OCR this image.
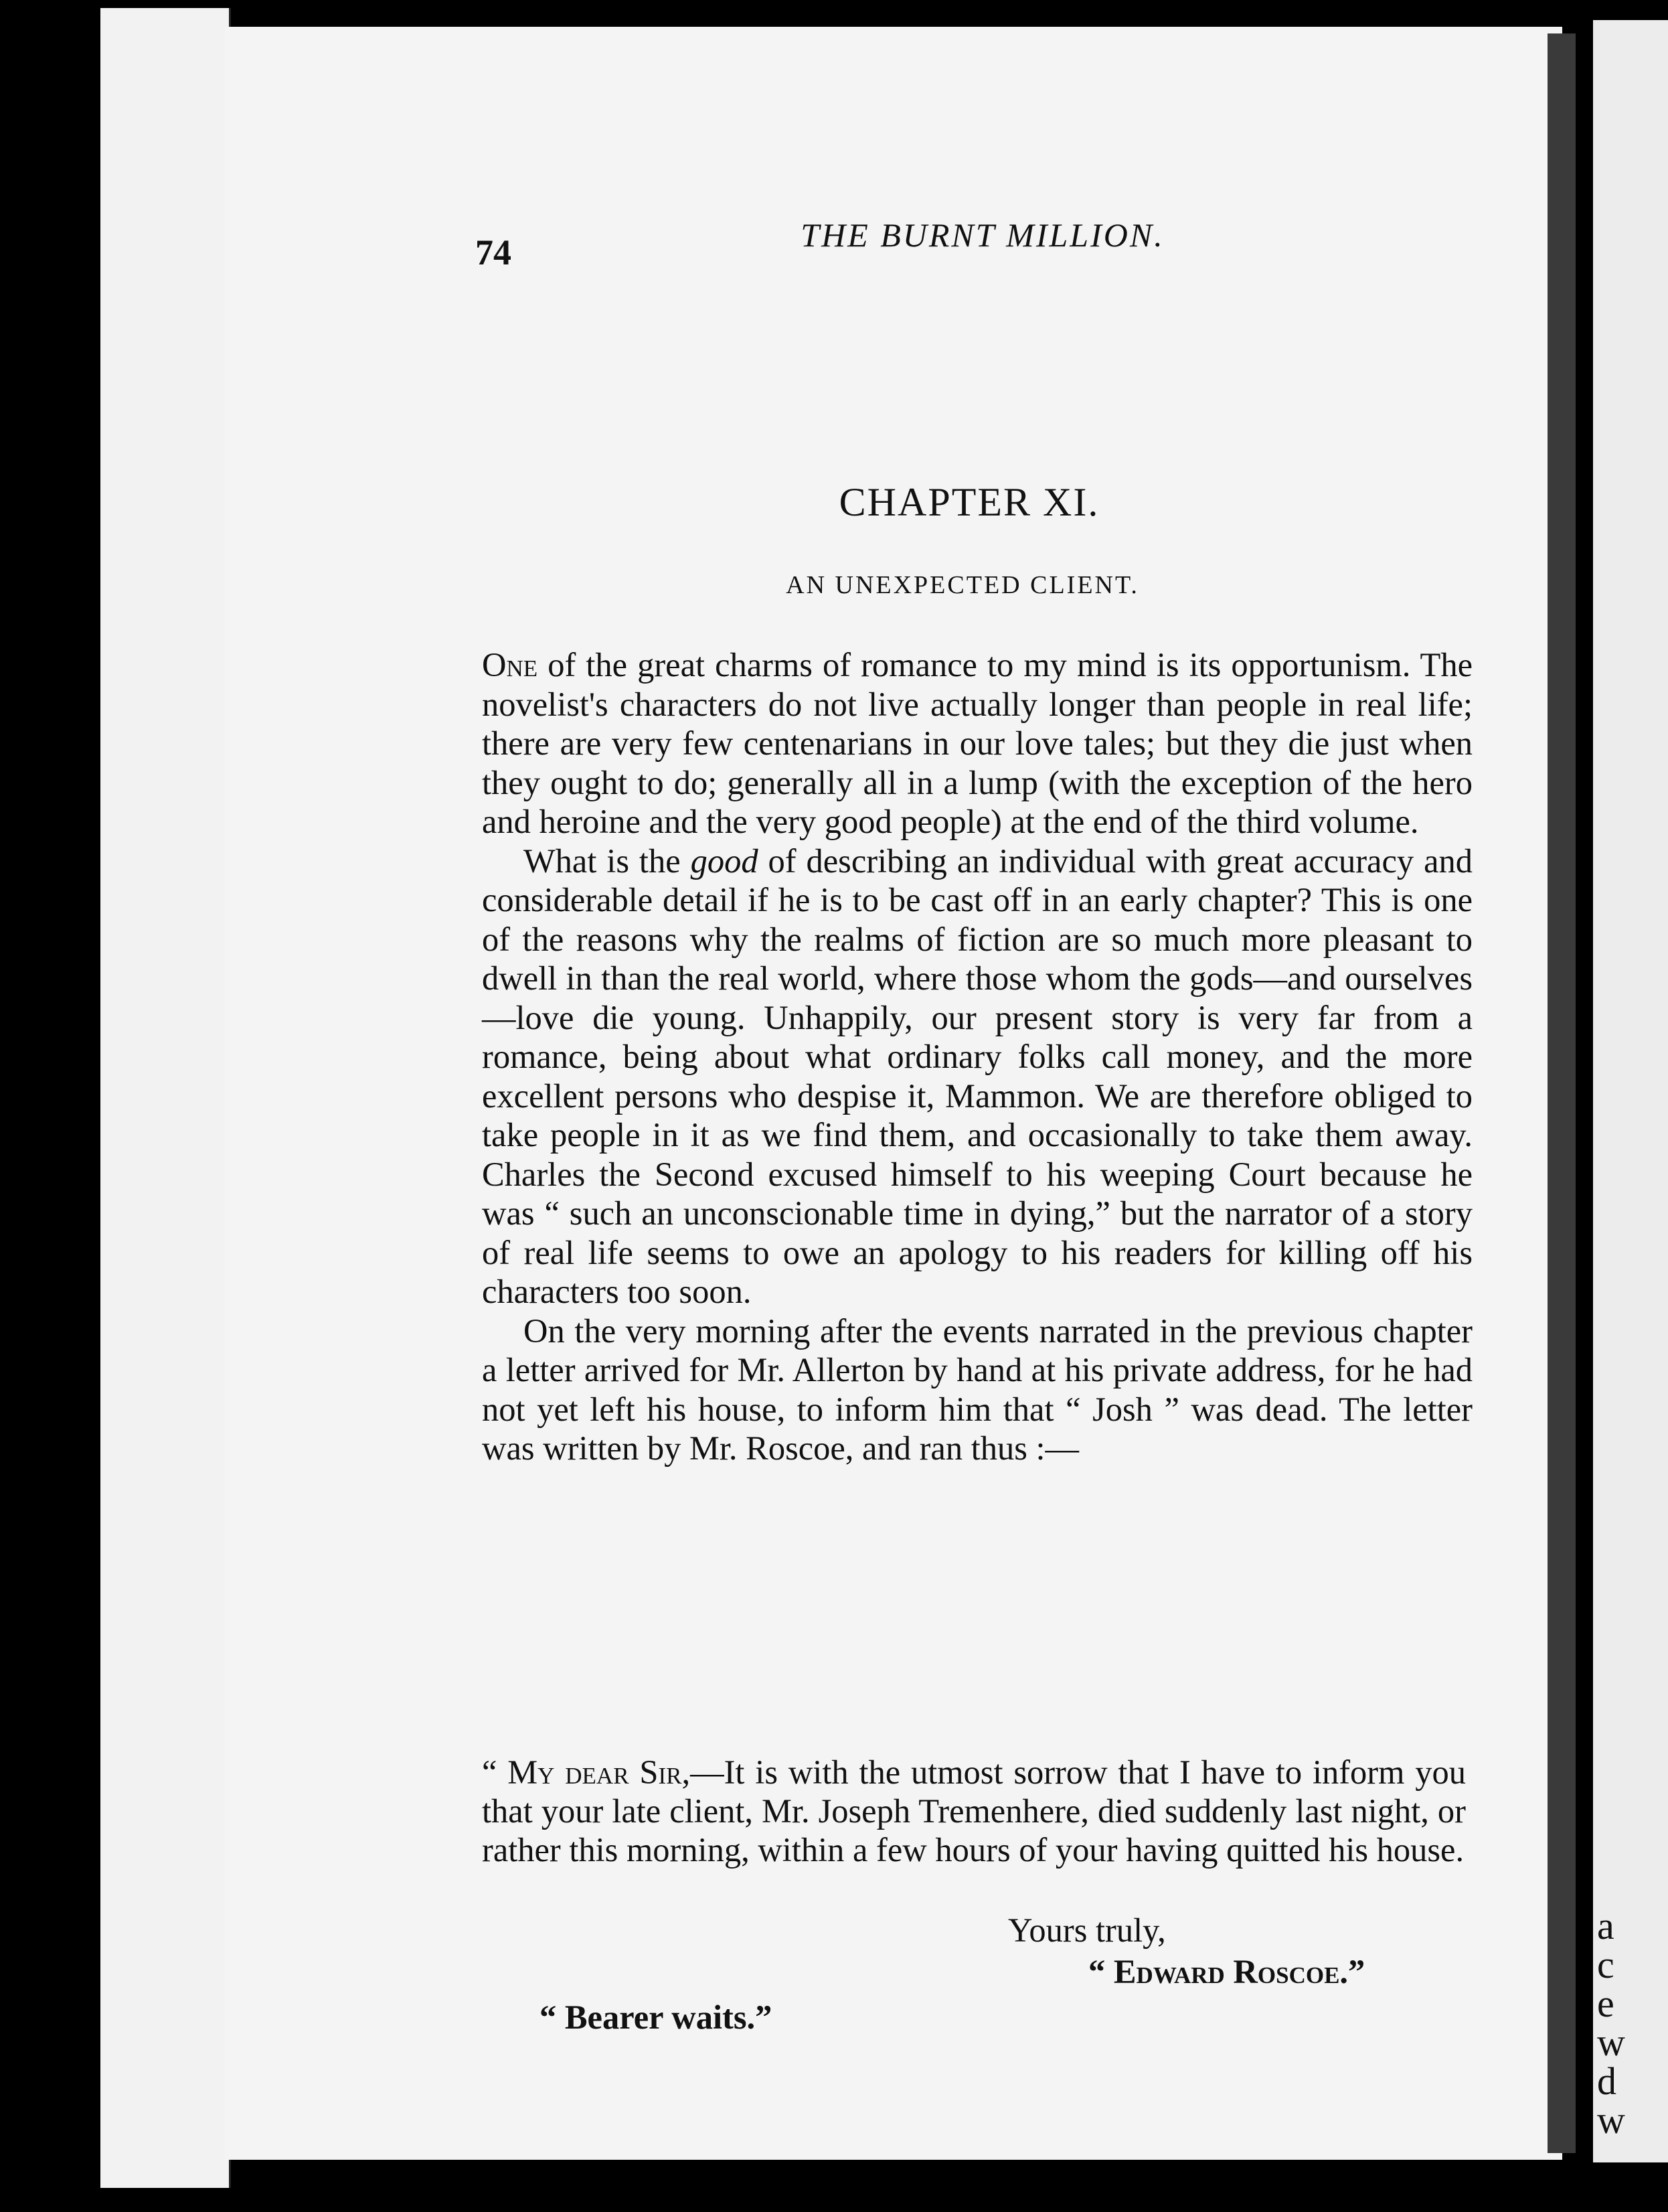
74	THE BURNT MILLION.
CHAPTER XI.
AN UNEXPECTED CLIENT.

One of the great charms of romance to my mind is its opportunism. The novelist's characters do not live actually longer than people in real life; there are very few centenarians in our love tales; but they die just when they ought to do; generally all in a lump (with the exception of the hero and heroine and the very good people) at the end of the third volume.

What is the good of describing an individual with great accuracy and considerable detail if he is to be cast off in an early chapter? This is one of the reasons why the realms of fiction are so much more pleasant to dwell in than the real world, where those whom the gods—and ourselves—love die young. Unhappily, our present story is very far from a romance, being about what ordinary folks call money, and the more excellent persons who despise it, Mammon. We are therefore obliged to take people in it as we find them, and occasionally to take them away. Charles the Second excused himself to his weeping Court because he was “ such an unconscionable time in dying,” but the narrator of a story of real life seems to owe an apology to his readers for killing off his characters too soon.

On the very morning after the events narrated in the previous chapter a letter arrived for Mr. Allerton by hand at his private address, for he had not yet left his house, to inform him that “ Josh ” was dead. The letter was written by Mr. Roscoe, and ran thus :—

“ My dear Sir,—It is with the utmost sorrow that I have to inform you that your late client, Mr. Joseph Tremenhere, died suddenly last night, or rather this morning, within a few hours of your having quitted his house.

Yours truly,
“ Edward Roscoe.”
“ Bearer waits.”
a
c
e
w
d
w
